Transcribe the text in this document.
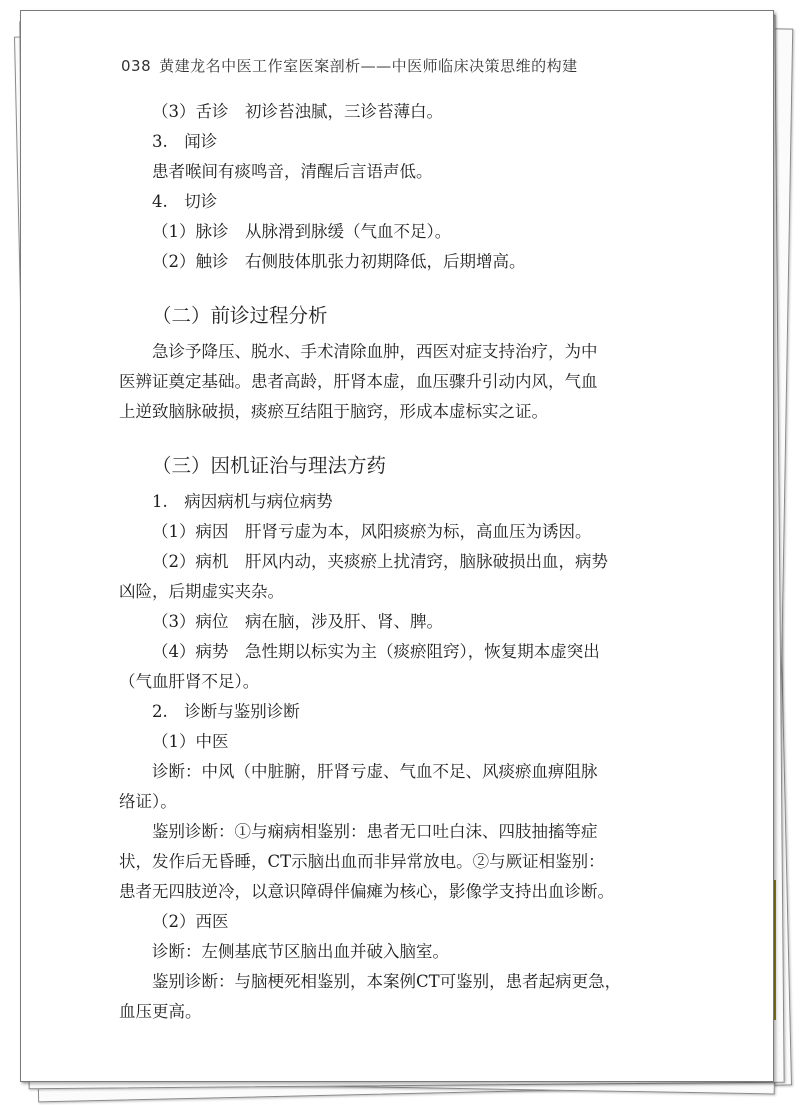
038 黄建龙名中医工作室医案剖析——中医师临床决策思维的构建
（3）舌诊　初诊苔浊腻，三诊苔薄白。
3.　闻诊
患者喉间有痰鸣音，清醒后言语声低。
4.　切诊
（1）脉诊　从脉滑到脉缓（气血不足）。
（2）触诊　右侧肢体肌张力初期降低，后期增高。
（二）前诊过程分析
急诊予降压、脱水、手术清除血肿，西医对症支持治疗，为中
医辨证奠定基础。患者高龄，肝肾本虚，血压骤升引动内风，气血
上逆致脑脉破损，痰瘀互结阻于脑窍，形成本虚标实之证。
（三）因机证治与理法方药
1.　病因病机与病位病势
（1）病因　肝肾亏虚为本，风阳痰瘀为标，高血压为诱因。
（2）病机　肝风内动，夹痰瘀上扰清窍，脑脉破损出血，病势
凶险，后期虚实夹杂。
（3）病位　病在脑，涉及肝、肾、脾。
（4）病势　急性期以标实为主（痰瘀阻窍），恢复期本虚突出
（气血肝肾不足）。
2.　诊断与鉴别诊断
（1）中医
诊断：中风（中脏腑，肝肾亏虚、气血不足、风痰瘀血痹阻脉
络证）。
鉴别诊断：①与痫病相鉴别：患者无口吐白沫、四肢抽搐等症
状，发作后无昏睡，CT示脑出血而非异常放电。②与厥证相鉴别：
患者无四肢逆冷，以意识障碍伴偏瘫为核心，影像学支持出血诊断。
（2）西医
诊断：左侧基底节区脑出血并破入脑室。
鉴别诊断：与脑梗死相鉴别，本案例CT可鉴别，患者起病更急，
血压更高。
